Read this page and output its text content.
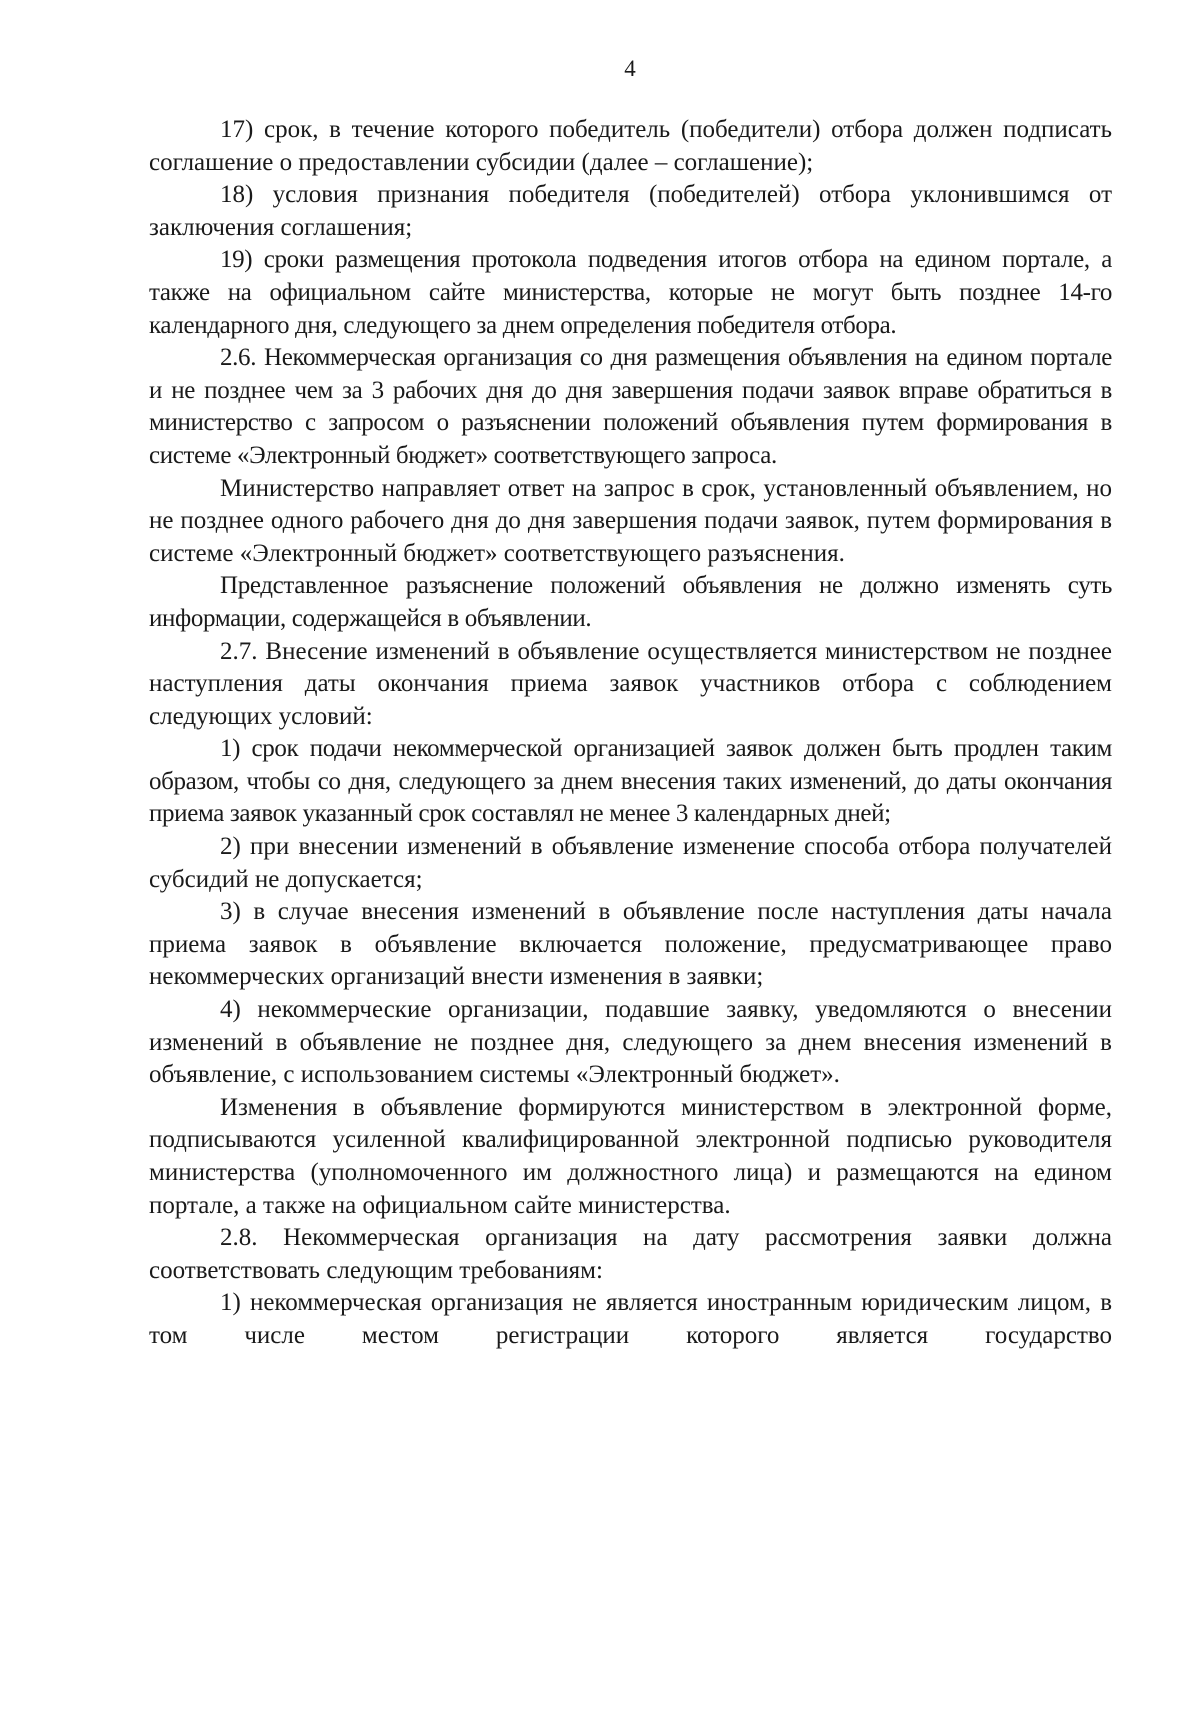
4

17) срок, в течение которого победитель (победители) отбора должен подписать соглашение о предоставлении субсидии (далее – соглашение);

18) условия признания победителя (победителей) отбора уклонившимся от заключения соглашения;

19) сроки размещения протокола подведения итогов отбора на едином портале, а также на официальном сайте министерства, которые не могут быть позднее 14-го календарного дня, следующего за днем определения победителя отбора.

2.6. Некоммерческая организация со дня размещения объявления на едином портале и не позднее чем за 3 рабочих дня до дня завершения подачи заявок вправе обратиться в министерство с запросом о разъяснении положений объявления путем формирования в системе «Электронный бюджет» соответствующего запроса.

Министерство направляет ответ на запрос в срок, установленный объявлением, но не позднее одного рабочего дня до дня завершения подачи заявок, путем формирования в системе «Электронный бюджет» соответствующего разъяснения.

Представленное разъяснение положений объявления не должно изменять суть информации, содержащейся в объявлении.

2.7. Внесение изменений в объявление осуществляется министерством не позднее наступления даты окончания приема заявок участников отбора с соблюдением следующих условий:

1) срок подачи некоммерческой организацией заявок должен быть продлен таким образом, чтобы со дня, следующего за днем внесения таких изменений, до даты окончания приема заявок указанный срок составлял не менее 3 календарных дней;

2) при внесении изменений в объявление изменение способа отбора получателей субсидий не допускается;

3) в случае внесения изменений в объявление после наступления даты начала приема заявок в объявление включается положение, предусматривающее право некоммерческих организаций внести изменения в заявки;

4) некоммерческие организации, подавшие заявку, уведомляются о внесении изменений в объявление не позднее дня, следующего за днем внесения изменений в объявление, с использованием системы «Электронный бюджет».

Изменения в объявление формируются министерством в электронной форме, подписываются усиленной квалифицированной электронной подписью руководителя министерства (уполномоченного им должностного лица) и размещаются на едином портале, а также на официальном сайте министерства.

2.8. Некоммерческая организация на дату рассмотрения заявки должна соответствовать следующим требованиям:

1) некоммерческая организация не является иностранным юридическим лицом, в том числе местом регистрации которого является государство
